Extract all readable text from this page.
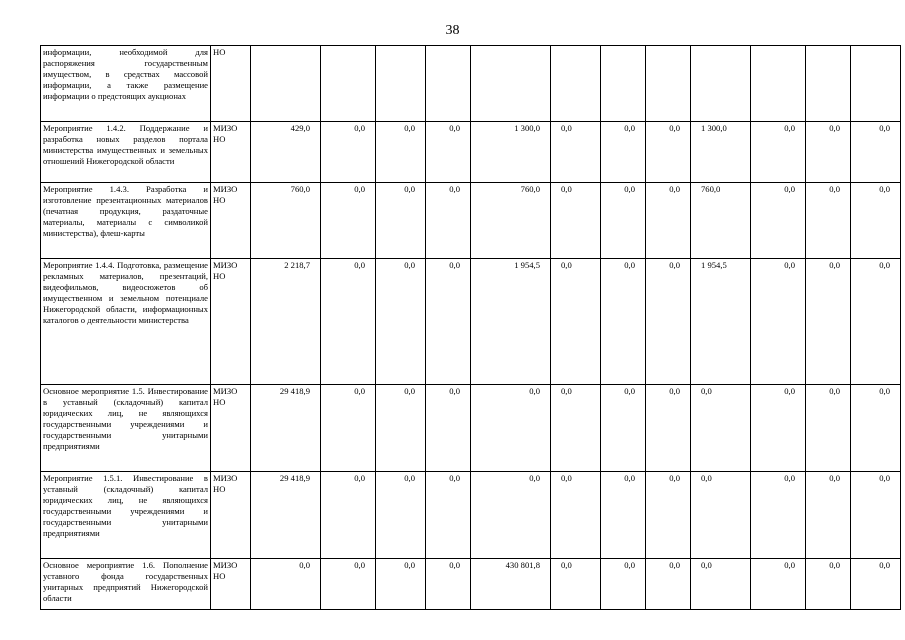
38
информации, необходимой для распоряжения государственным имуществом, в средствах массовой информации, а также размещение информации о предстоящих аукционах	НО												
Мероприятие 1.4.2. Поддержание и разработка новых разделов портала министерства имущественных и земельных отношений Нижегородской области	МИЗО НО	429,0	0,0	0,0	0,0	1 300,0	0,0	0,0	0,0	1 300,0	0,0	0,0	0,0
Мероприятие 1.4.3. Разработка и изготовление презентационных материалов (печатная продукция, раздаточные материалы, материалы с символикой министерства), флеш-карты	МИЗО НО	760,0	0,0	0,0	0,0	760,0	0,0	0,0	0,0	760,0	0,0	0,0	0,0
Мероприятие 1.4.4. Подготовка, размещение рекламных материалов, презентаций, видеофильмов, видеосюжетов об имущественном и земельном потенциале Нижегородской области, информационных каталогов о деятельности министерства	МИЗО НО	2 218,7	0,0	0,0	0,0	1 954,5	0,0	0,0	0,0	1 954,5	0,0	0,0	0,0
Основное мероприятие 1.5. Инвестирование в уставный (складочный) капитал юридических лиц, не являющихся государственными учреждениями и государственными унитарными предприятиями	МИЗО НО	29 418,9	0,0	0,0	0,0	0,0	0,0	0,0	0,0	0,0	0,0	0,0	0,0
Мероприятие 1.5.1. Инвестирование в уставный (складочный) капитал юридических лиц, не являющихся государственными учреждениями и государственными унитарными предприятиями	МИЗО НО	29 418,9	0,0	0,0	0,0	0,0	0,0	0,0	0,0	0,0	0,0	0,0	0,0
Основное мероприятие 1.6. Пополнение уставного фонда государственных унитарных предприятий Нижегородской области	МИЗО НО	0,0	0,0	0,0	0,0	430 801,8	0,0	0,0	0,0	0,0	0,0	0,0	0,0
